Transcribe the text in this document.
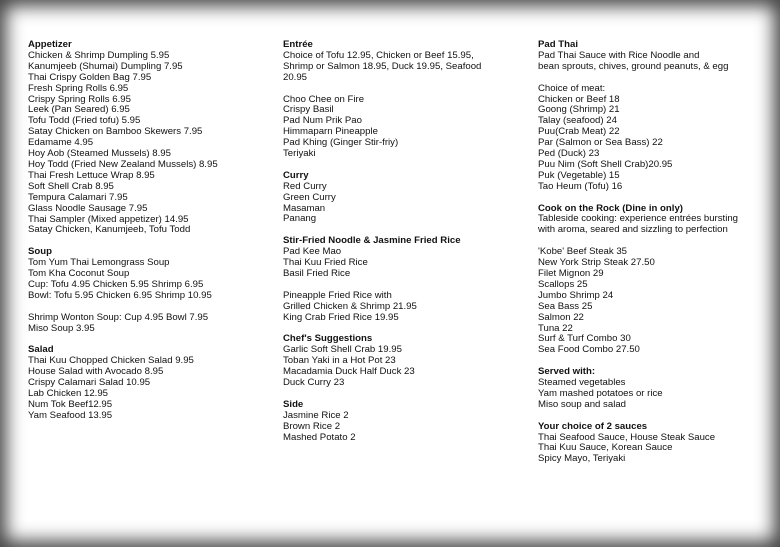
Appetizer
Chicken & Shrimp Dumpling 5.95
Kanumjeeb (Shumai) Dumpling 7.95
Thai Crispy Golden Bag 7.95
Fresh Spring Rolls 6.95
Crispy Spring Rolls 6.95
Leek (Pan Seared) 6.95
Tofu Todd (Fried tofu) 5.95
Satay Chicken on Bamboo Skewers 7.95
Edamame 4.95
Hoy Aob (Steamed Mussels) 8.95
Hoy Todd (Fried New Zealand Mussels) 8.95
Thai Fresh Lettuce Wrap 8.95
Soft Shell Crab 8.95
Tempura Calamari 7.95
Glass Noodle Sausage 7.95
Thai Sampler (Mixed appetizer) 14.95
Satay Chicken, Kanumjeeb, Tofu Todd
Soup
Tom Yum Thai Lemongrass Soup
Tom Kha Coconut Soup
Cup: Tofu 4.95 Chicken 5.95 Shrimp 6.95
Bowl: Tofu 5.95 Chicken 6.95 Shrimp 10.95
Shrimp Wonton Soup: Cup 4.95 Bowl 7.95
Miso Soup 3.95
Salad
Thai Kuu Chopped Chicken Salad 9.95
House Salad with Avocado 8.95
Crispy Calamari Salad 10.95
Lab Chicken 12.95
Num Tok Beef12.95
Yam Seafood 13.95
Entrée
Choice of Tofu 12.95, Chicken or Beef 15.95,
Shrimp or Salmon 18.95, Duck 19.95, Seafood
20.95
Choo Chee on Fire
Crispy Basil
Pad Num Prik Pao
Himmaparn Pineapple
Pad Khing (Ginger Stir-friy)
Teriyaki
Curry
Red Curry
Green Curry
Masaman
Panang
Stir-Fried Noodle & Jasmine Fried Rice
Pad Kee Mao
Thai Kuu Fried Rice
Basil Fried Rice
Pineapple Fried Rice with
Grilled Chicken & Shrimp 21.95
King Crab Fried Rice 19.95
Chef's Suggestions
Garlic Soft Shell Crab 19.95
Toban Yaki in a Hot Pot 23
Macadamia Duck Half Duck 23
Duck Curry 23
Side
Jasmine Rice 2
Brown Rice 2
Mashed Potato 2
Pad Thai
Pad Thai Sauce with Rice Noodle and
bean sprouts, chives, ground peanuts, & egg
Choice of meat:
Chicken or Beef 18
Goong (Shrimp) 21
Talay (seafood) 24
Puu(Crab Meat) 22
Par (Salmon or Sea Bass) 22
Ped (Duck) 23
Puu Nim (Soft Shell Crab)20.95
Puk (Vegetable) 15
Tao Heum (Tofu) 16
Cook on the Rock (Dine in only)
Tableside cooking: experience entrées bursting
with aroma, seared and sizzling to perfection
'Kobe' Beef Steak 35
New York Strip Steak 27.50
Filet Mignon 29
Scallops 25
Jumbo Shrimp 24
Sea Bass 25
Salmon 22
Tuna 22
Surf & Turf Combo 30
Sea Food Combo 27.50
Served with:
Steamed vegetables
Yam mashed potatoes or rice
Miso soup and salad
Your choice of 2 sauces
Thai Seafood Sauce, House Steak Sauce
Thai Kuu Sauce, Korean Sauce
Spicy Mayo, Teriyaki
